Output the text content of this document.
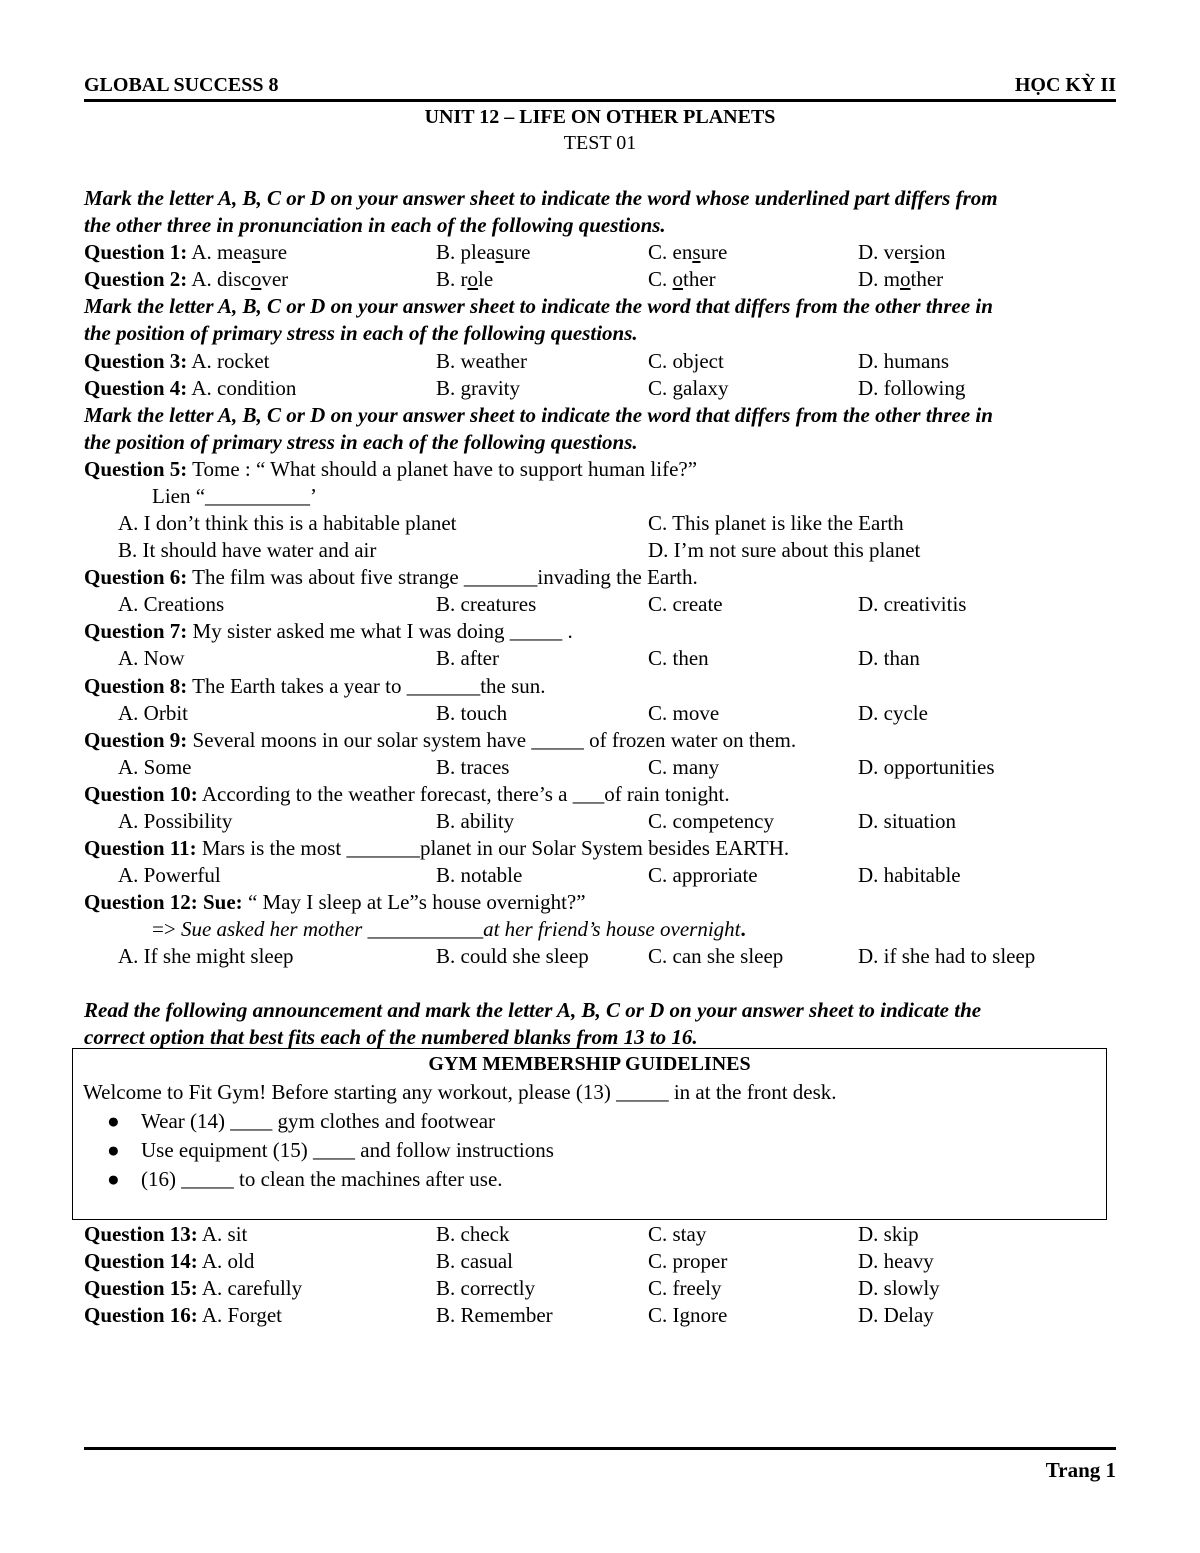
GLOBAL SUCCESS 8	HỌC KỲ II
UNIT 12 – LIFE ON OTHER PLANETS
TEST 01
Mark the letter A, B, C or D on your answer sheet to indicate the word whose underlined part differs from
the other three in pronunciation in each of the following questions.
Question 1: A. measure	B. pleasure	C. ensure	D. version
Question 2: A. discover	B. role	C. other	D. mother
Mark the letter A, B, C or D on your answer sheet to indicate the word that differs from the other three in
the position of primary stress in each of the following questions.
Question 3: A. rocket	B. weather	C. object	D. humans
Question 4: A. condition	B. gravity	C. galaxy	D. following
Mark the letter A, B, C or D on your answer sheet to indicate the word that differs from the other three in
the position of primary stress in each of the following questions.
Question 5: Tome : “ What should a planet have to support human life?”
Lien “__________’
A. I don’t think this is a habitable planet	C. This planet is like the Earth
B. It should have water and air	D. I’m not sure about this planet
Question 6: The film was about five strange _______invading the Earth.
A. Creations	B. creatures	C. create	D. creativitis
Question 7: My sister asked me what I was doing _____ .
A. Now	B. after	C. then	D. than
Question 8: The Earth takes a year to _______the sun.
A. Orbit	B. touch	C. move	D. cycle
Question 9: Several moons in our solar system have _____ of frozen water on them.
A. Some	B. traces	C. many	D. opportunities
Question 10: According to the weather forecast, there’s a ___of rain tonight.
A. Possibility	B. ability	C. competency	D. situation
Question 11: Mars is the most _______planet in our Solar System besides EARTH.
A. Powerful	B. notable	C. approriate	D. habitable
Question 12: Sue: “ May I sleep at Le”s house overnight?”
=> Sue asked her mother ___________at her friend’s house overnight.
A. If she might sleep	B. could she sleep	C. can she sleep	D. if she had to sleep
Read the following announcement and mark the letter A, B, C or D on your answer sheet to indicate the
correct option that best fits each of the numbered blanks from 13 to 16.
GYM MEMBERSHIP GUIDELINES
Welcome to Fit Gym! Before starting any workout, please (13) _____ in at the front desk.
● Wear (14) ____ gym clothes and footwear
● Use equipment (15) ____ and follow instructions
● (16) _____ to clean the machines after use.
Question 13: A. sit	B. check	C. stay	D. skip
Question 14: A. old	B. casual	C. proper	D. heavy
Question 15: A. carefully	B. correctly	C. freely	D. slowly
Question 16: A. Forget	B. Remember	C. Ignore	D. Delay
Trang 1
